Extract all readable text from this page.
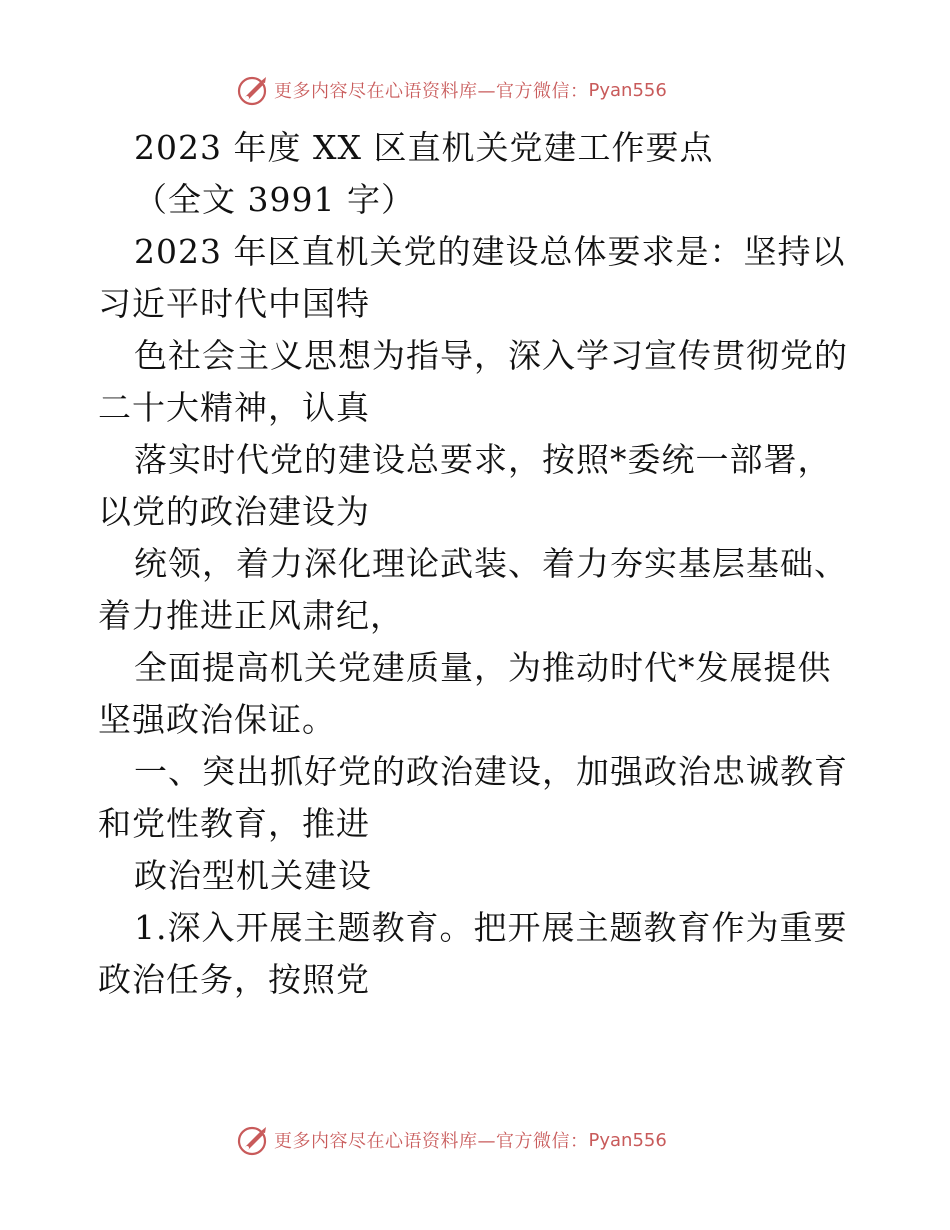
更多内容尽在心语资料库—官方微信： Pyan556
2023 年度 XX 区直机关党建工作要点
（全文 3991 字）
2023 年区直机关党的建设总体要求是：坚持以
习近平时代中国特
色社会主义思想为指导，深入学习宣传贯彻党的
二十大精神，认真
落实时代党的建设总要求，按照*委统一部署，
以党的政治建设为
统领，着力深化理论武装、着力夯实基层基础、
着力推进正风肃纪，
全面提高机关党建质量，为推动时代*发展提供
坚强政治保证。
一、突出抓好党的政治建设，加强政治忠诚教育
和党性教育，推进
政治型机关建设
1.深入开展主题教育。把开展主题教育作为重要
政治任务，按照党
更多内容尽在心语资料库—官方微信： Pyan556
